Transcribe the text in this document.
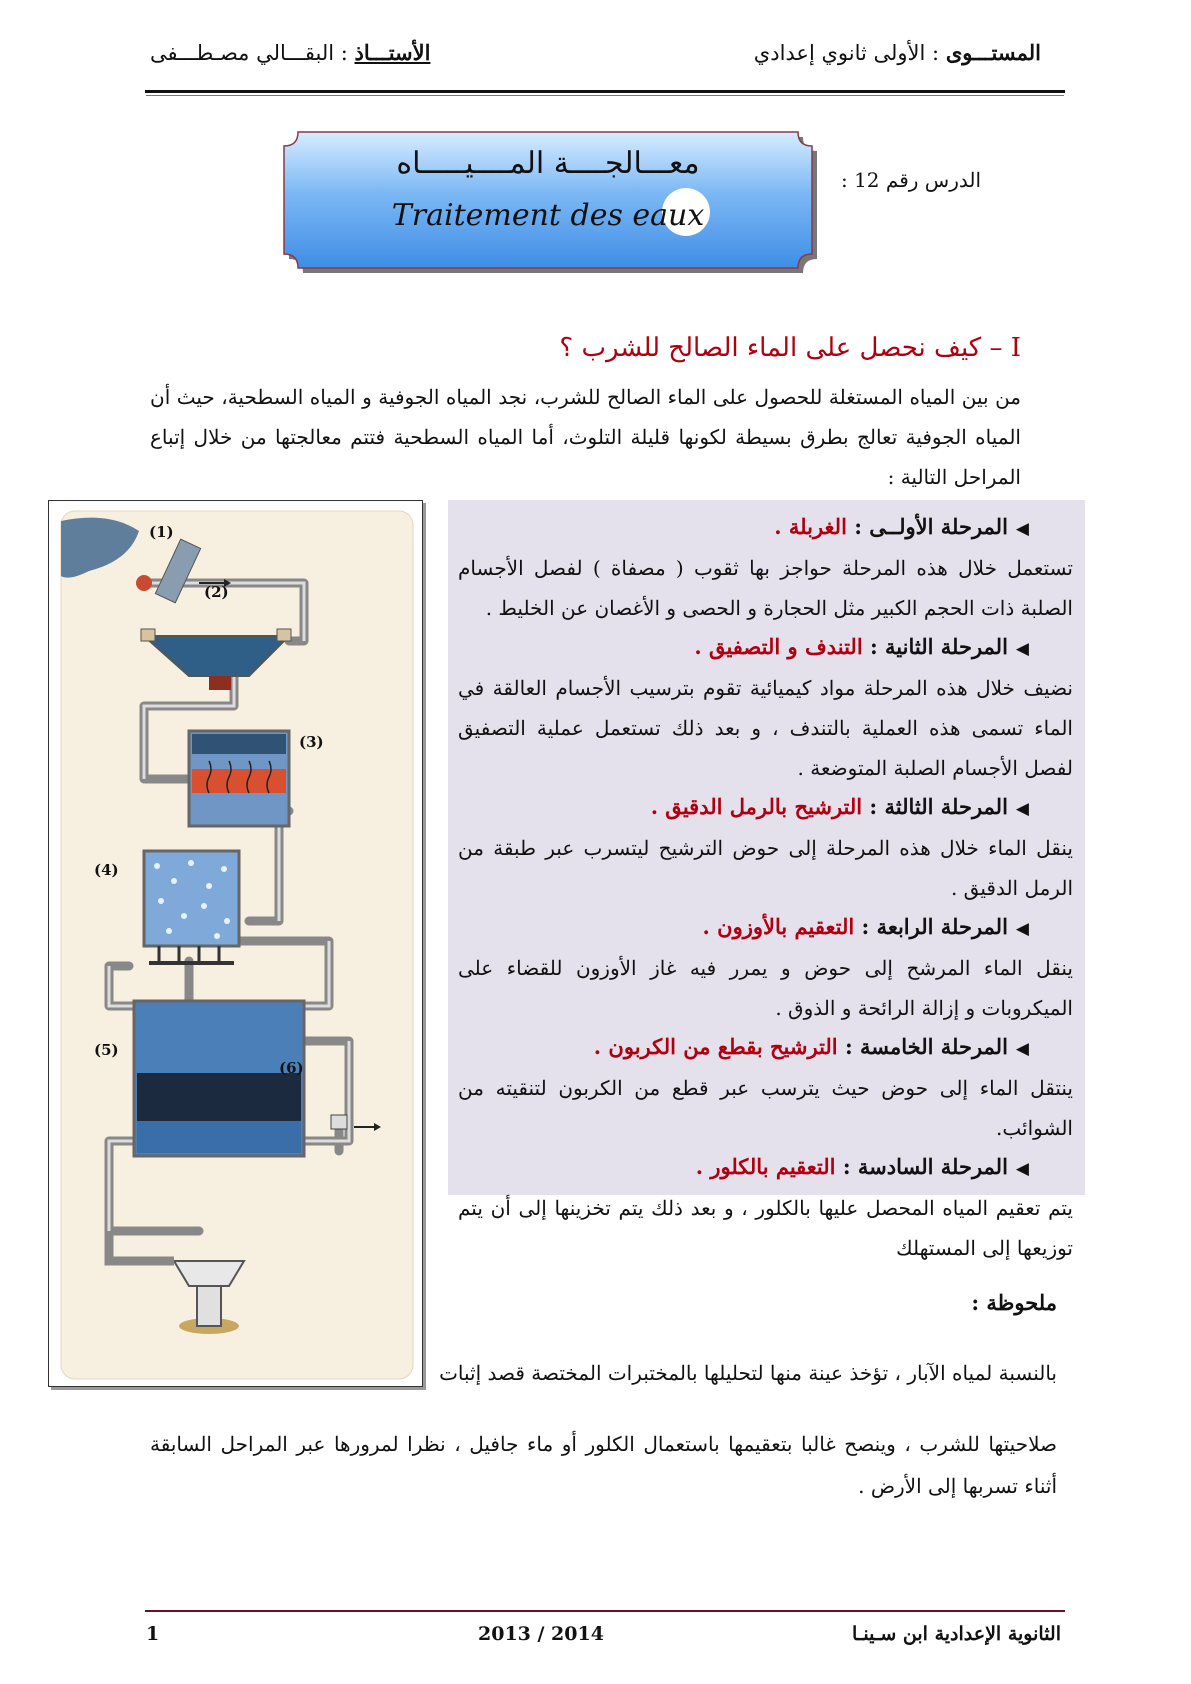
المستـــوى : الأولى ثانوي إعدادي
الأستـــاذ : البقـــالي مصـطـــفى
معـــالجــــة المــــيـــــاه
Traitement des eaux
الدرس رقم 12 :
I – كيف نحصل على الماء الصالح للشرب ؟
من بين المياه المستغلة للحصول على الماء الصالح للشرب، نجد المياه الجوفية و المياه السطحية، حيث أن المياه الجوفية تعالج بطرق بسيطة لكونها قليلة التلوث، أما المياه السطحية فتتم معالجتها من خلال إتباع المراحل التالية :
(1)
(2)
(3)
(4)
(5)
(6)
◀المرحلة الأولــى : الغربلة .
تستعمل خلال هذه المرحلة حواجز بها ثقوب ( مصفاة ) لفصل الأجسام الصلبة ذات الحجم الكبير مثل الحجارة و الحصى و الأغصان عن الخليط .
◀المرحلة الثانية : التندف و التصفيق .
نضيف خلال هذه المرحلة مواد كيميائية تقوم بترسيب الأجسام العالقة في الماء تسمى هذه العملية بالتندف ، و بعد ذلك تستعمل عملية التصفيق لفصل الأجسام الصلبة المتوضعة .
◀المرحلة الثالثة : الترشيح بالرمل الدقيق .
ينقل الماء خلال هذه المرحلة إلى حوض الترشيح ليتسرب عبر طبقة من الرمل الدقيق .
◀المرحلة الرابعة : التعقيم بالأوزون .
ينقل الماء المرشح إلى حوض و يمرر فيه غاز الأوزون للقضاء على الميكروبات و إزالة الرائحة و الذوق .
◀المرحلة الخامسة : الترشيح بقطع من الكربون .
ينتقل الماء إلى حوض حيث يترسب عبر قطع من الكربون لتنقيته من الشوائب.
◀المرحلة السادسة : التعقيم بالكلور .
يتم تعقيم المياه المحصل عليها بالكلور ، و بعد ذلك يتم تخزينها إلى أن يتم توزيعها إلى المستهلك
ملحوظة :
بالنسبة لمياه الآبار ، تؤخذ عينة منها لتحليلها بالمختبرات المختصة قصد إثبات
صلاحيتها للشرب ، وينصح غالبا بتعقيمها باستعمال الكلور أو ماء جافيل ، نظرا لمرورها عبر المراحل السابقة أثناء تسربها إلى الأرض .
الثانوية الإعدادية ابن سـينـا
2013 / 2014
1
